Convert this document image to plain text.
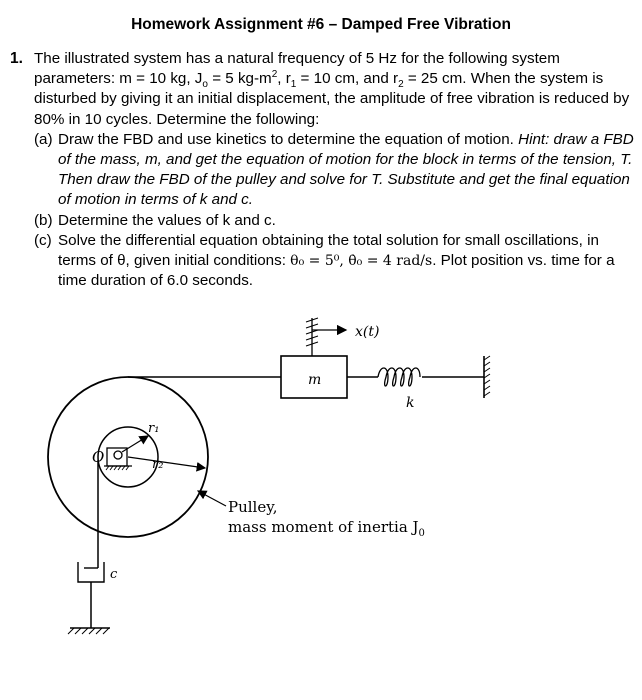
Homework Assignment #6 – Damped Free Vibration
1. The illustrated system has a natural frequency of 5 Hz for the following system parameters: m = 10 kg, $J_o = 5$ $kg-m^2$, $r_1 = 10$ cm, and $r_2 = 25$ cm. When the system is disturbed by giving it an initial displacement, the amplitude of free vibration is reduced by 80% in 10 cycles. Determine the following:

(a) Draw the FBD and use kinetics to determine the equation of motion. Hint: draw a FBD of the mass, m, and get the equation of motion for the block in terms of the tension, T. Then draw the FBD of the pulley and solve for T. Substitute and get the final equation of motion in terms of k and c.

(b) Determine the values of k and c.

(c) Solve the differential equation obtaining the total solution for small oscillations, in terms of θ, given initial conditions: θ₀ = 5⁰, θ̇₀ = 4 rad/s. Plot position vs. time for a time duration of 6.0 seconds.

m
x(t)
k
O
r₁
r₂
c
Pulley,
mass moment of inertia $J_0$
